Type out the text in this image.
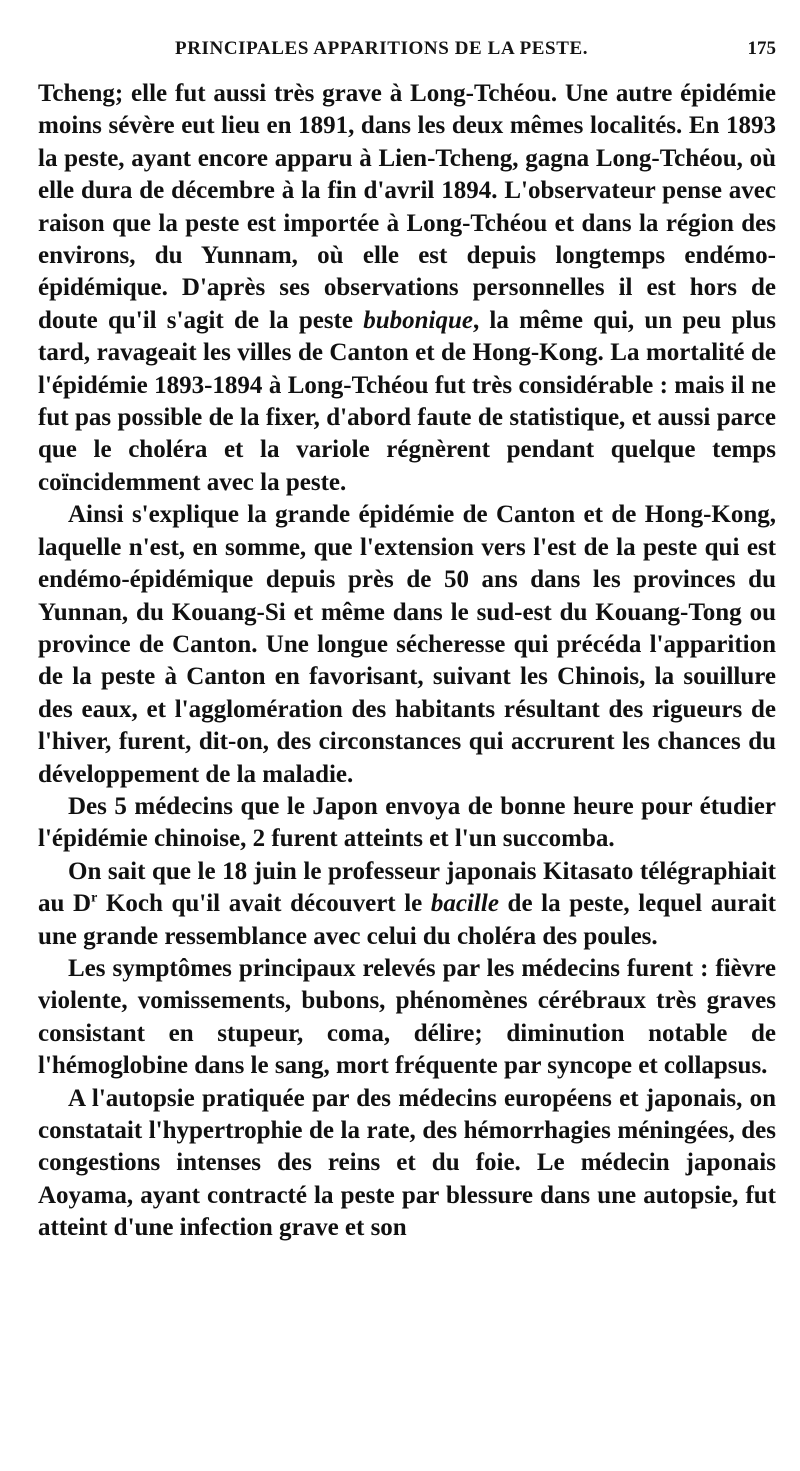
PRINCIPALES APPARITIONS DE LA PESTE.	175

Tcheng; elle fut aussi très grave à Long-Tchéou. Une autre épidémie moins sévère eut lieu en 1891, dans les deux mêmes localités. En 1893 la peste, ayant encore apparu à Lien-Tcheng, gagna Long-Tchéou, où elle dura de décembre à la fin d'avril 1894. L'observateur pense avec raison que la peste est importée à Long-Tchéou et dans la région des environs, du Yunnam, où elle est depuis longtemps endémo-épidémique. D'après ses observations personnelles il est hors de doute qu'il s'agit de la peste bubonique, la même qui, un peu plus tard, ravageait les villes de Canton et de Hong-Kong. La mortalité de l'épidémie 1893-1894 à Long-Tchéou fut très considérable : mais il ne fut pas possible de la fixer, d'abord faute de statistique, et aussi parce que le choléra et la variole régnèrent pendant quelque temps coïncidemment avec la peste.

Ainsi s'explique la grande épidémie de Canton et de Hong-Kong, laquelle n'est, en somme, que l'extension vers l'est de la peste qui est endémo-épidémique depuis près de 50 ans dans les provinces du Yunnan, du Kouang-Si et même dans le sud-est du Kouang-Tong ou province de Canton. Une longue sécheresse qui précéda l'apparition de la peste à Canton en favorisant, suivant les Chinois, la souillure des eaux, et l'agglomération des habitants résultant des rigueurs de l'hiver, furent, dit-on, des circonstances qui accrurent les chances du développement de la maladie.

Des 5 médecins que le Japon envoya de bonne heure pour étudier l'épidémie chinoise, 2 furent atteints et l'un succomba.

On sait que le 18 juin le professeur japonais Kitasato télégraphiait au $D^r$ Koch qu'il avait découvert le bacille de la peste, lequel aurait une grande ressemblance avec celui du choléra des poules.

Les symptômes principaux relevés par les médecins furent : fièvre violente, vomissements, bubons, phénomènes cérébraux très graves consistant en stupeur, coma, délire; diminution notable de l'hémoglobine dans le sang, mort fréquente par syncope et collapsus.

A l'autopsie pratiquée par des médecins européens et japonais, on constatait l'hypertrophie de la rate, des hémorrhagies méningées, des congestions intenses des reins et du foie. Le médecin japonais Aoyama, ayant contracté la peste par blessure dans une autopsie, fut atteint d'une infection grave et son
